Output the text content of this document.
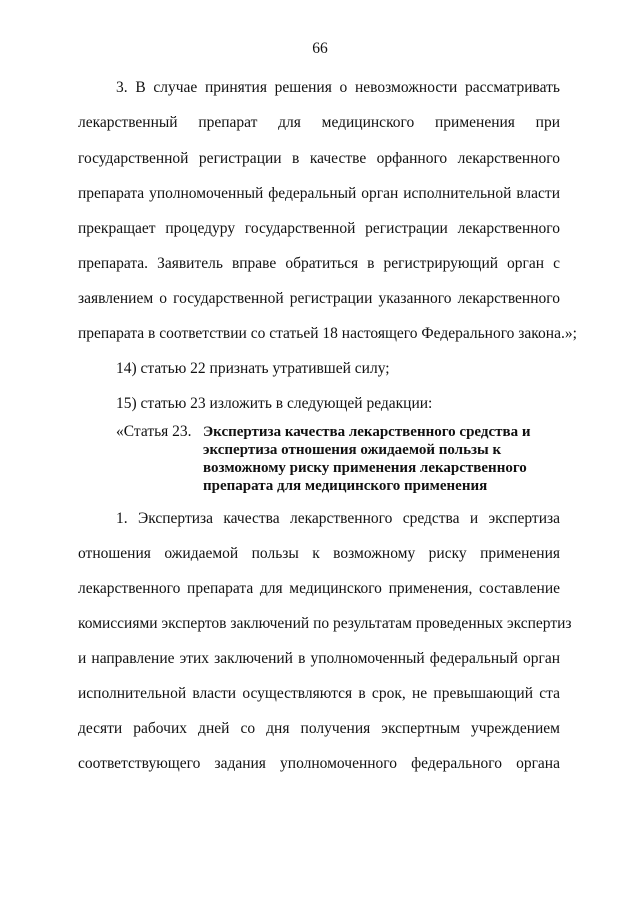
66
3. В случае принятия решения о невозможности рассматривать
лекарственный препарат для медицинского применения при
государственной регистрации в качестве орфанного лекарственного
препарата уполномоченный федеральный орган исполнительной власти
прекращает процедуру государственной регистрации лекарственного
препарата. Заявитель вправе обратиться в регистрирующий орган с
заявлением о государственной регистрации указанного лекарственного
препарата в соответствии со статьей 18 настоящего Федерального закона.»;
14) статью 22 признать утратившей силу;
15) статью 23 изложить в следующей редакции:
«Статья 23. Экспертиза качества лекарственного средства и
экспертиза отношения ожидаемой пользы к
возможному риску применения лекарственного
препарата для медицинского применения
1. Экспертиза качества лекарственного средства и экспертиза
отношения ожидаемой пользы к возможному риску применения
лекарственного препарата для медицинского применения, составление
комиссиями экспертов заключений по результатам проведенных экспертиз
и направление этих заключений в уполномоченный федеральный орган
исполнительной власти осуществляются в срок, не превышающий ста
десяти рабочих дней со дня получения экспертным учреждением
соответствующего задания уполномоченного федерального органа
